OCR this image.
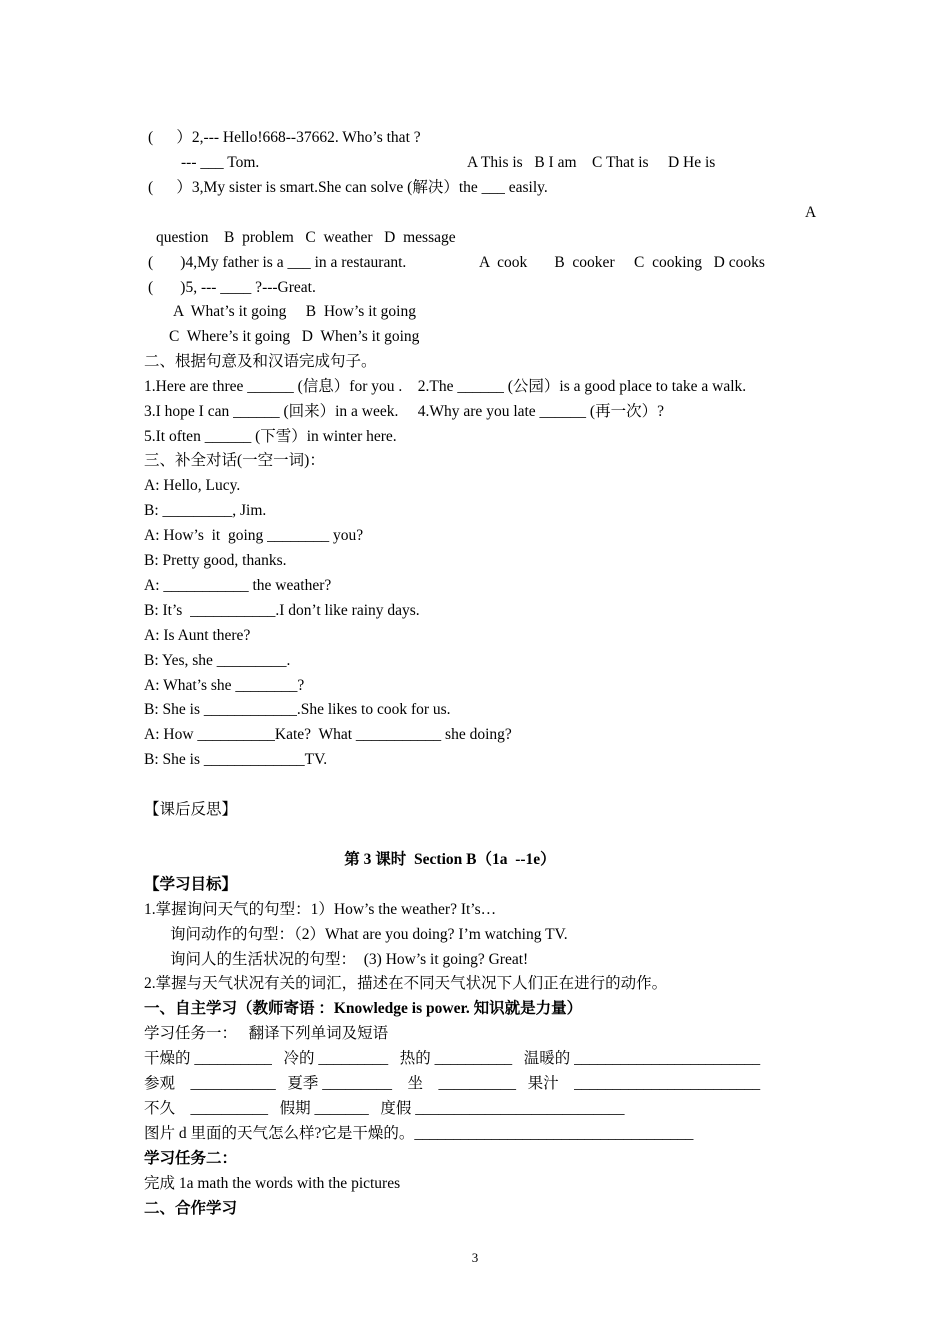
(      ）2,--- Hello!668--37662. Who’s that ?
--- ___ Tom.	A This is   B I am    C That is     D He is
(      ）3,My sister is smart.She can solve (解决）the ___ easily.
A
question    B  problem   C  weather   D  message
(       )4,My father is a ___ in a restaurant.	A  cook       B  cooker     C  cooking   D cooks
(       )5, --- ____ ?---Great.
A  What’s it going     B  How’s it going
C  Where’s it going   D  When’s it going
二、根据句意及和汉语完成句子。
1.Here are three ______ (信息）for you .    2.The ______ (公园）is a good place to take a walk.
3.I hope I can ______ (回来）in a week.     4.Why are you late ______ (再一次）?
5.It often ______ (下雪）in winter here.
三、补全对话(一空一词)：
A: Hello, Lucy.
B: _________, Jim.
A: How’s  it  going ________ you?
B: Pretty good, thanks.
A: ___________ the weather?
B: It’s  ___________.I don’t like rainy days.
A: Is Aunt there?
B: Yes, she _________.
A: What’s she ________?
B: She is ____________.She likes to cook for us.
A: How __________Kate?  What ___________ she doing?
B: She is _____________TV.
【课后反思】
第 3 课时  Section B（1a  --1e）
【学习目标】
1.掌握询问天气的句型：1）How’s the weather? It’s…
询问动作的句型：（2）What are you doing? I’m watching TV.
询问人的生活状况的句型：  (3) How’s it going? Great!
2.掌握与天气状况有关的词汇，描述在不同天气状况下人们正在进行的动作。
一、自主学习（教师寄语 ：Knowledge is power. 知识就是力量）
学习任务一：   翻译下列单词及短语
干燥的 __________   冷的 _________   热的 __________   温暖的 ________________________
参观    ___________   夏季 _________    坐    __________   果汁    ________________________
不久    __________   假期 _______   度假 ___________________________
图片 d 里面的天气怎么样?它是干燥的。____________________________________
学习任务二：
完成 1a math the words with the pictures
二、合作学习
3
